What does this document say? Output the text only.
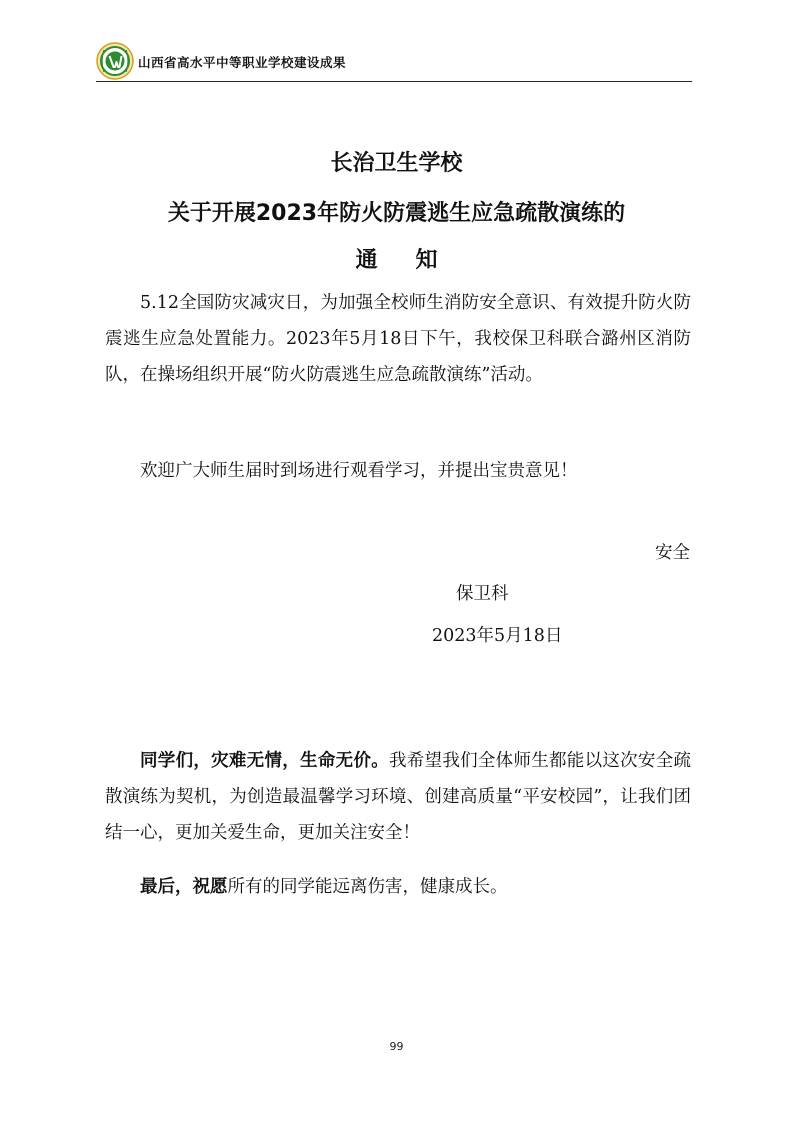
山西省高水平中等职业学校建设成果
长治卫生学校
关于开展2023年防火防震逃生应急疏散演练的
通知

5.12全国防灾减灾日，为加强全校师生消防安全意识、有效提升防火防震逃生应急处置能力。2023年5月18日下午，我校保卫科联合潞州区消防队，在操场组织开展“防火防震逃生应急疏散演练”活动。

欢迎广大师生届时到场进行观看学习，并提出宝贵意见！

安全
保卫科
2023年5月18日

同学们，灾难无情，生命无价。我希望我们全体师生都能以这次安全疏散演练为契机，为创造最温馨学习环境、创建高质量“平安校园”，让我们团结一心，更加关爱生命，更加关注安全！

最后，祝愿所有的同学能远离伤害，健康成长。

99
